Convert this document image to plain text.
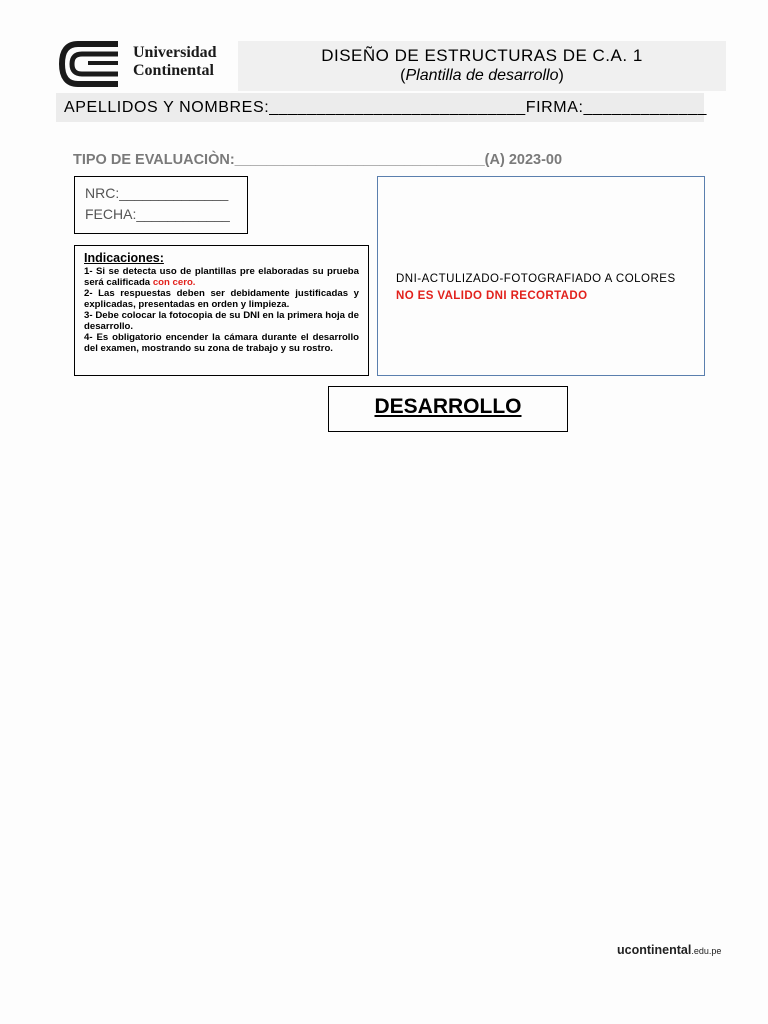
Universidad
Continental
DISEÑO DE ESTRUCTURAS DE C.A. 1
(Plantilla de desarrollo)
APELLIDOS Y NOMBRES:___________________________FIRMA:_____________
TIPO DE EVALUACIÒN:_______________________________(A) 2023-00
NRC:______________
FECHA:____________
DNI-ACTULIZADO-FOTOGRAFIADO A COLORES
NO ES VALIDO DNI RECORTADO
Indicaciones:

1- Si se detecta uso de plantillas pre elaboradas su prueba será calificada con cero.

2- Las respuestas deben ser debidamente justificadas y explicadas, presentadas en orden y limpieza.

3- Debe colocar la fotocopia de su DNI en la primera hoja de desarrollo.

4- Es obligatorio encender la cámara durante el desarrollo del examen, mostrando su zona de trabajo y su rostro.

DESARROLLO
ucontinental.edu.pe
